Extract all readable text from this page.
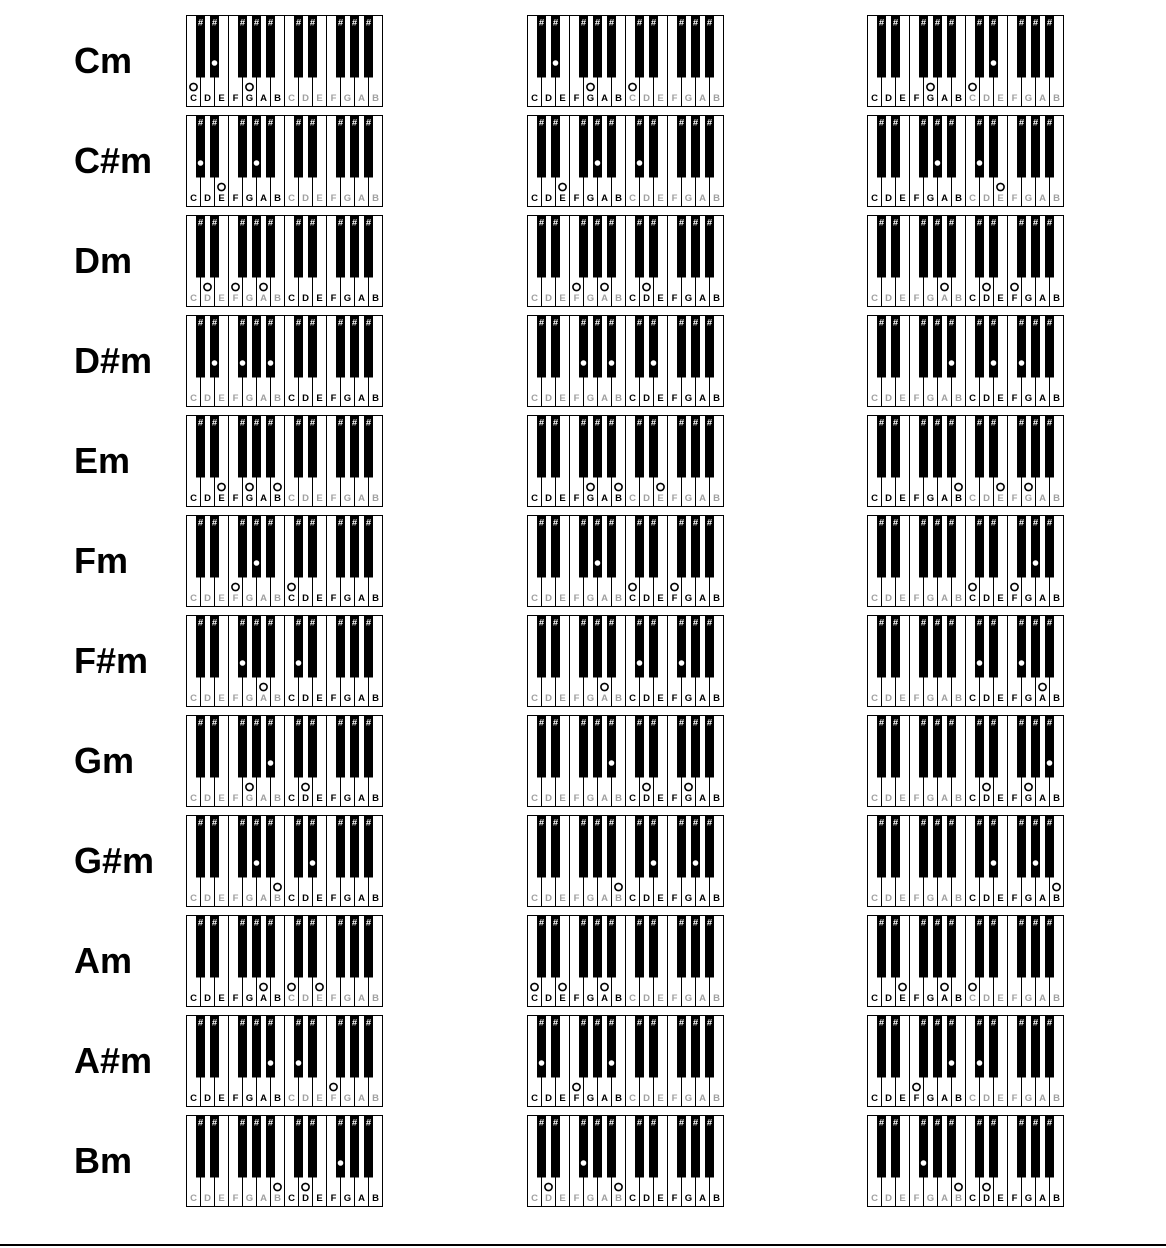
Cm
# # # # # # # # # #
C D E F G A B C D E F G A B
# # # # # # # # # #
C D E F G A B C D E F G A B
# # # # # # # # # #
C D E F G A B C D E F G A B
C#m
# # # # # # # # # #
C D E F G A B C D E F G A B
# # # # # # # # # #
C D E F G A B C D E F G A B
# # # # # # # # # #
C D E F G A B C D E F G A B
Dm
# # # # # # # # # #
C D E F G A B C D E F G A B
# # # # # # # # # #
C D E F G A B C D E F G A B
# # # # # # # # # #
C D E F G A B C D E F G A B
D#m
# # # # # # # # # #
C D E F G A B C D E F G A B
# # # # # # # # # #
C D E F G A B C D E F G A B
# # # # # # # # # #
C D E F G A B C D E F G A B
Em
# # # # # # # # # #
C D E F G A B C D E F G A B
# # # # # # # # # #
C D E F G A B C D E F G A B
# # # # # # # # # #
C D E F G A B C D E F G A B
Fm
# # # # # # # # # #
C D E F G A B C D E F G A B
# # # # # # # # # #
C D E F G A B C D E F G A B
# # # # # # # # # #
C D E F G A B C D E F G A B
F#m
# # # # # # # # # #
C D E F G A B C D E F G A B
# # # # # # # # # #
C D E F G A B C D E F G A B
# # # # # # # # # #
C D E F G A B C D E F G A B
Gm
# # # # # # # # # #
C D E F G A B C D E F G A B
# # # # # # # # # #
C D E F G A B C D E F G A B
# # # # # # # # # #
C D E F G A B C D E F G A B
G#m
# # # # # # # # # #
C D E F G A B C D E F G A B
# # # # # # # # # #
C D E F G A B C D E F G A B
# # # # # # # # # #
C D E F G A B C D E F G A B
Am
# # # # # # # # # #
C D E F G A B C D E F G A B
# # # # # # # # # #
C D E F G A B C D E F G A B
# # # # # # # # # #
C D E F G A B C D E F G A B
A#m
# # # # # # # # # #
C D E F G A B C D E F G A B
# # # # # # # # # #
C D E F G A B C D E F G A B
# # # # # # # # # #
C D E F G A B C D E F G A B
Bm
# # # # # # # # # #
C D E F G A B C D E F G A B
# # # # # # # # # #
C D E F G A B C D E F G A B
# # # # # # # # # #
C D E F G A B C D E F G A B
